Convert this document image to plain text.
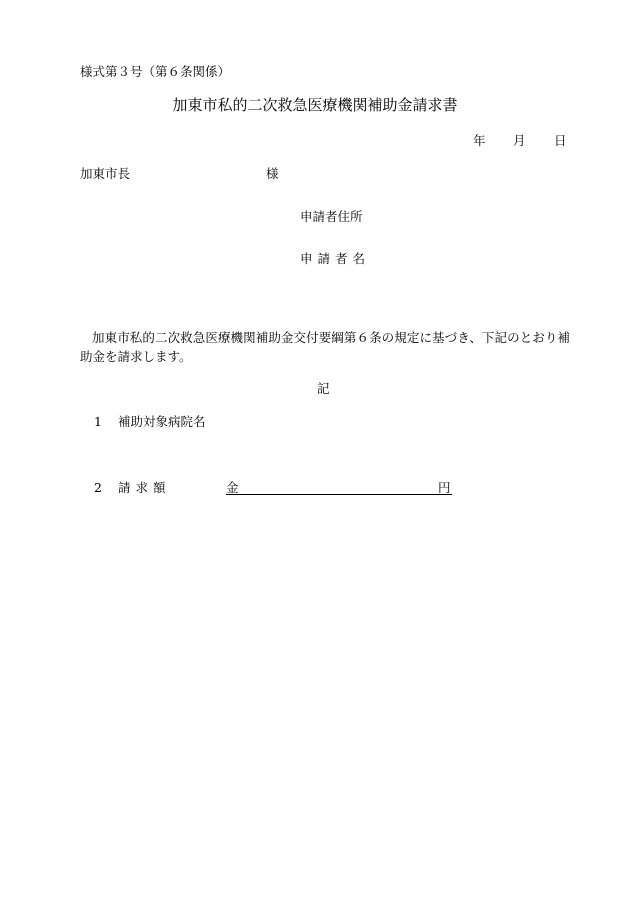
様式第３号（第６条関係）
加東市私的二次救急医療機関補助金請求書
年 月 日
加東市長	様
申請者住所
申請者名
加東市私的二次救急医療機関補助金交付要綱第６条の規定に基づき、下記のとおり補助金を請求します。
記
1 補助対象病院名
2 請求額	金	円
